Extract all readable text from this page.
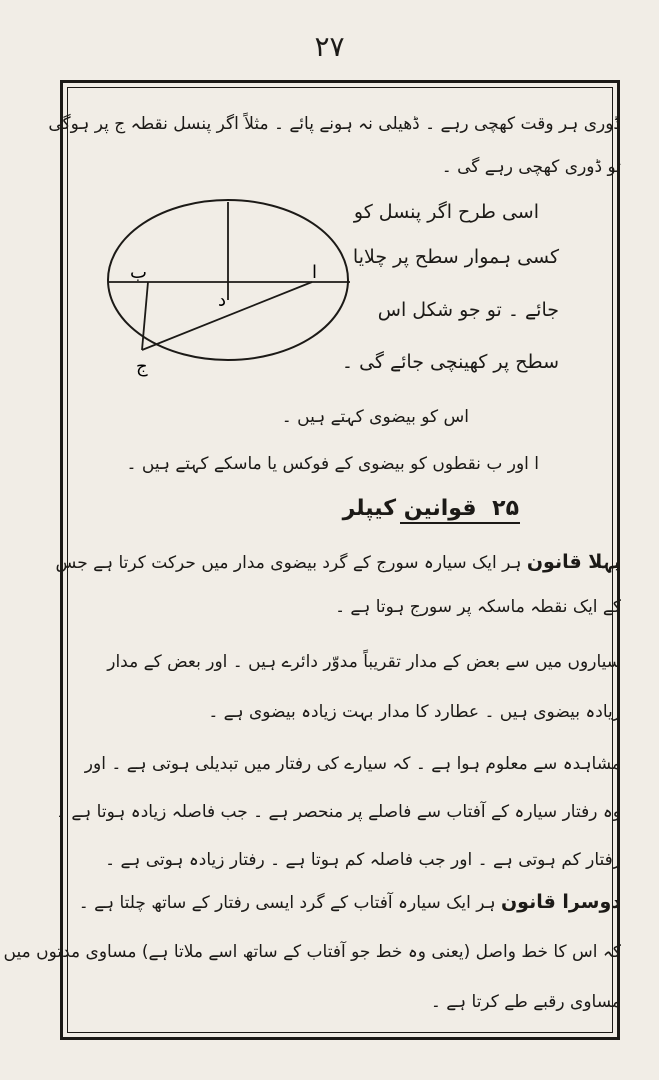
۲۷
ڈوری ہر وقت کھچی رہے ۔ ڈھیلی نہ ہونے پائے ۔ مثلاً اگر پنسل نقطہ ج پر ہوگی
تو ڈوری کھچی رہے گی ۔
ب	ا
د
ج
اسی طرح اگر پنسل کو
کسی ہموار سطح پر چلایا
جائے ۔ تو جو شکل اس
سطح پر کھینچی جائے گی ۔
اس کو بیضوی کہتے ہیں ۔
ا اور ب نقطوں کو بیضوی کے فوکس یا ماسکے کہتے ہیں ۔
۲۵ قوانین کیپلر
پہلا قانون ہر ایک سیارہ سورج کے گرد بیضوی مدار میں حرکت کرتا ہے جس
کے ایک نقطہ ماسکہ پر سورج ہوتا ہے ۔
سیاروں میں سے بعض کے مدار تقریباً مدوّر دائرے ہیں ۔ اور بعض کے مدار
زیادہ بیضوی ہیں ۔ عطارد کا مدار بہت زیادہ بیضوی ہے ۔
مشاہدہ سے معلوم ہوا ہے ۔ کہ سیارے کی رفتار میں تبدیلی ہوتی ہے ۔ اور
وہ رفتار سیارہ کے آفتاب سے فاصلے پر منحصر ہے ۔ جب فاصلہ زیادہ ہوتا ہے ۔
رفتار کم ہوتی ہے ۔ اور جب فاصلہ کم ہوتا ہے ۔ رفتار زیادہ ہوتی ہے ۔
دوسرا قانون ہر ایک سیارہ آفتاب کے گرد ایسی رفتار کے ساتھ چلتا ہے ۔
کہ اس کا خط واصل (یعنی وہ خط جو آفتاب کے ساتھ اسے ملاتا ہے) مساوی مدتوں میں
مساوی رقبے طے کرتا ہے ۔
